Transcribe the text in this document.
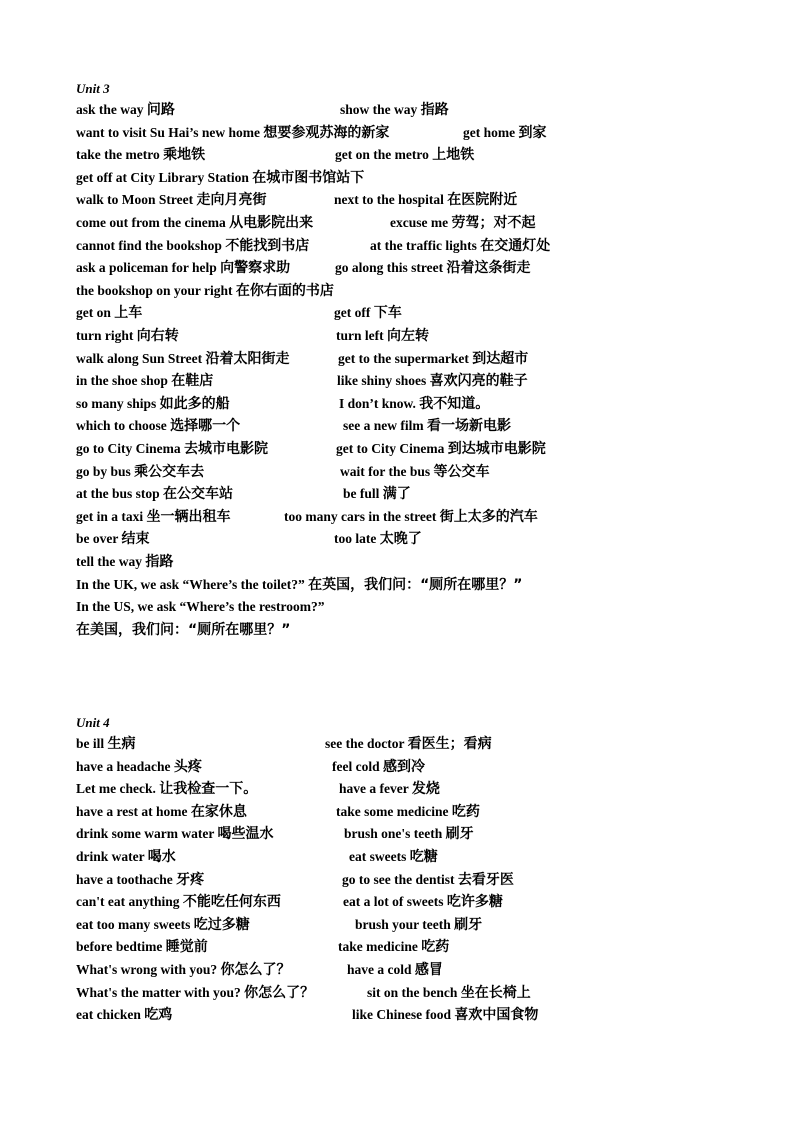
Unit 3
ask the way 问路	show the way 指路
want to visit Su Hai’s new home 想要参观苏海的新家	get home 到家
take the metro 乘地铁	get on the metro 上地铁
get off at City Library Station 在城市图书馆站下
walk to Moon Street 走向月亮街	next to the hospital 在医院附近
come out from the cinema 从电影院出来	excuse me 劳驾；对不起
cannot find the bookshop 不能找到书店	at the traffic lights 在交通灯处
ask a policeman for help 向警察求助	go along this street 沿着这条街走
the bookshop on your right 在你右面的书店
get on 上车	get off 下车
turn right 向右转	turn left 向左转
walk along Sun Street 沿着太阳街走	get to the supermarket 到达超市
in the shoe shop 在鞋店	like shiny shoes 喜欢闪亮的鞋子
so many ships 如此多的船	I don’t know. 我不知道。
which to choose 选择哪一个	see a new film 看一场新电影
go to City Cinema 去城市电影院	get to City Cinema 到达城市电影院
go by bus 乘公交车去	wait for the bus 等公交车
at the bus stop 在公交车站	be full 满了
get in a taxi 坐一辆出租车	too many cars in the street 街上太多的汽车
be over 结束	too late 太晚了
tell the way 指路
In the UK, we ask “Where’s the toilet?” 在英国，我们问：“厕所在哪里？”
In the US, we ask “Where’s the restroom?”
在美国，我们问：“厕所在哪里？”
Unit 4
be ill 生病	see the doctor 看医生；看病
have a headache 头疼	feel cold 感到冷
Let me check. 让我检查一下。	have a fever 发烧
have a rest at home 在家休息	take some medicine 吃药
drink some warm water 喝些温水	brush one's teeth 刷牙
drink water 喝水	eat sweets 吃糖
have a toothache 牙疼	go to see the dentist 去看牙医
can't eat anything 不能吃任何东西	eat a lot of sweets 吃许多糖
eat too many sweets 吃过多糖	brush your teeth 刷牙
before bedtime 睡觉前	take medicine 吃药
What's wrong with you? 你怎么了？	have a cold 感冒
What's the matter with you? 你怎么了？	sit on the bench 坐在长椅上
eat chicken 吃鸡	like Chinese food 喜欢中国食物
